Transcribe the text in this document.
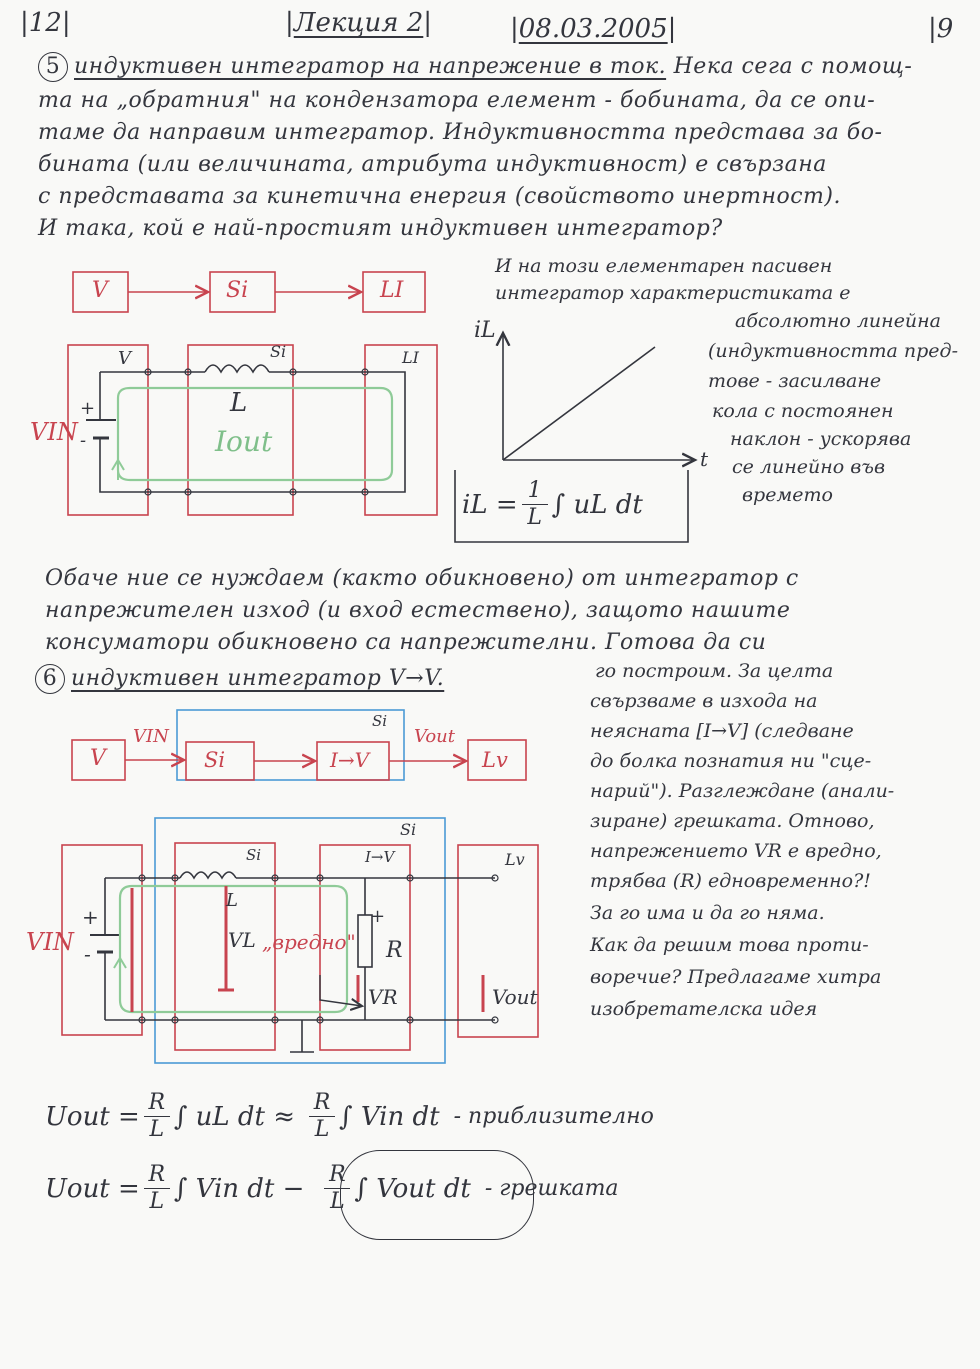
|12|	|Лекция 2|	|08.03.2005|	|9
5 индуктивен интегратор на напрежение в ток. Нека сега с помощ-
та на „обратния" на кондензатора елемент - бобината, да се опи-
таме да направим интегратор. Индуктивността представа за бо-
бината (или величината, атрибута индуктивност) е свързана
с представата за кинетична енергия (свойството инертност).
И така, кой е най-простият индуктивен интегратор?
V	Si	LI
V	Si	LI
VIN
+
-
L
Iout
iL
t
iL = $\frac{1}{L}$ ∫ uL dt
И на този елементарен пасивен
интегратор характеристиката е
абсолютно линейна
(индуктивността пред-
тове - засилване
кола с постоянен
наклон - ускорява
се линейно във
времето
Обаче ние се нуждаем (както обикновено) от интегратор с
напрежителен изход (и вход естествено), защото нашите
консуматори обикновено са напрежителни. Готова да си
6 индуктивен интегратор V→V.	го построим. За целта
свързваме в изхода на
неясната [I→V] (следване
до болка познатия ни "сце-
нарий"). Разглеждане (анали-
зиране) грешката. Отново,
напрежението VR е вредно,
трябва (R) едновременно?!
За го има и да го няма.
Как да решим това проти-
воречие? Предлагаме хитра
изобретателска идея
V
VIN
Si	I→V
Vout
Lv
Si
Si
Si	I→V	Lv
VIN
+
-
L
VL „вредно" R
+
VR	Vout
Uout = $\frac{R}{L}$ ∫ uL dt ≈ $\frac{R}{L}$ ∫ Vin dt - приблизително
Uout = $\frac{R}{L}$ ∫ Vin dt − $\frac{R}{L}$ ∫ Vout dt - грешката
